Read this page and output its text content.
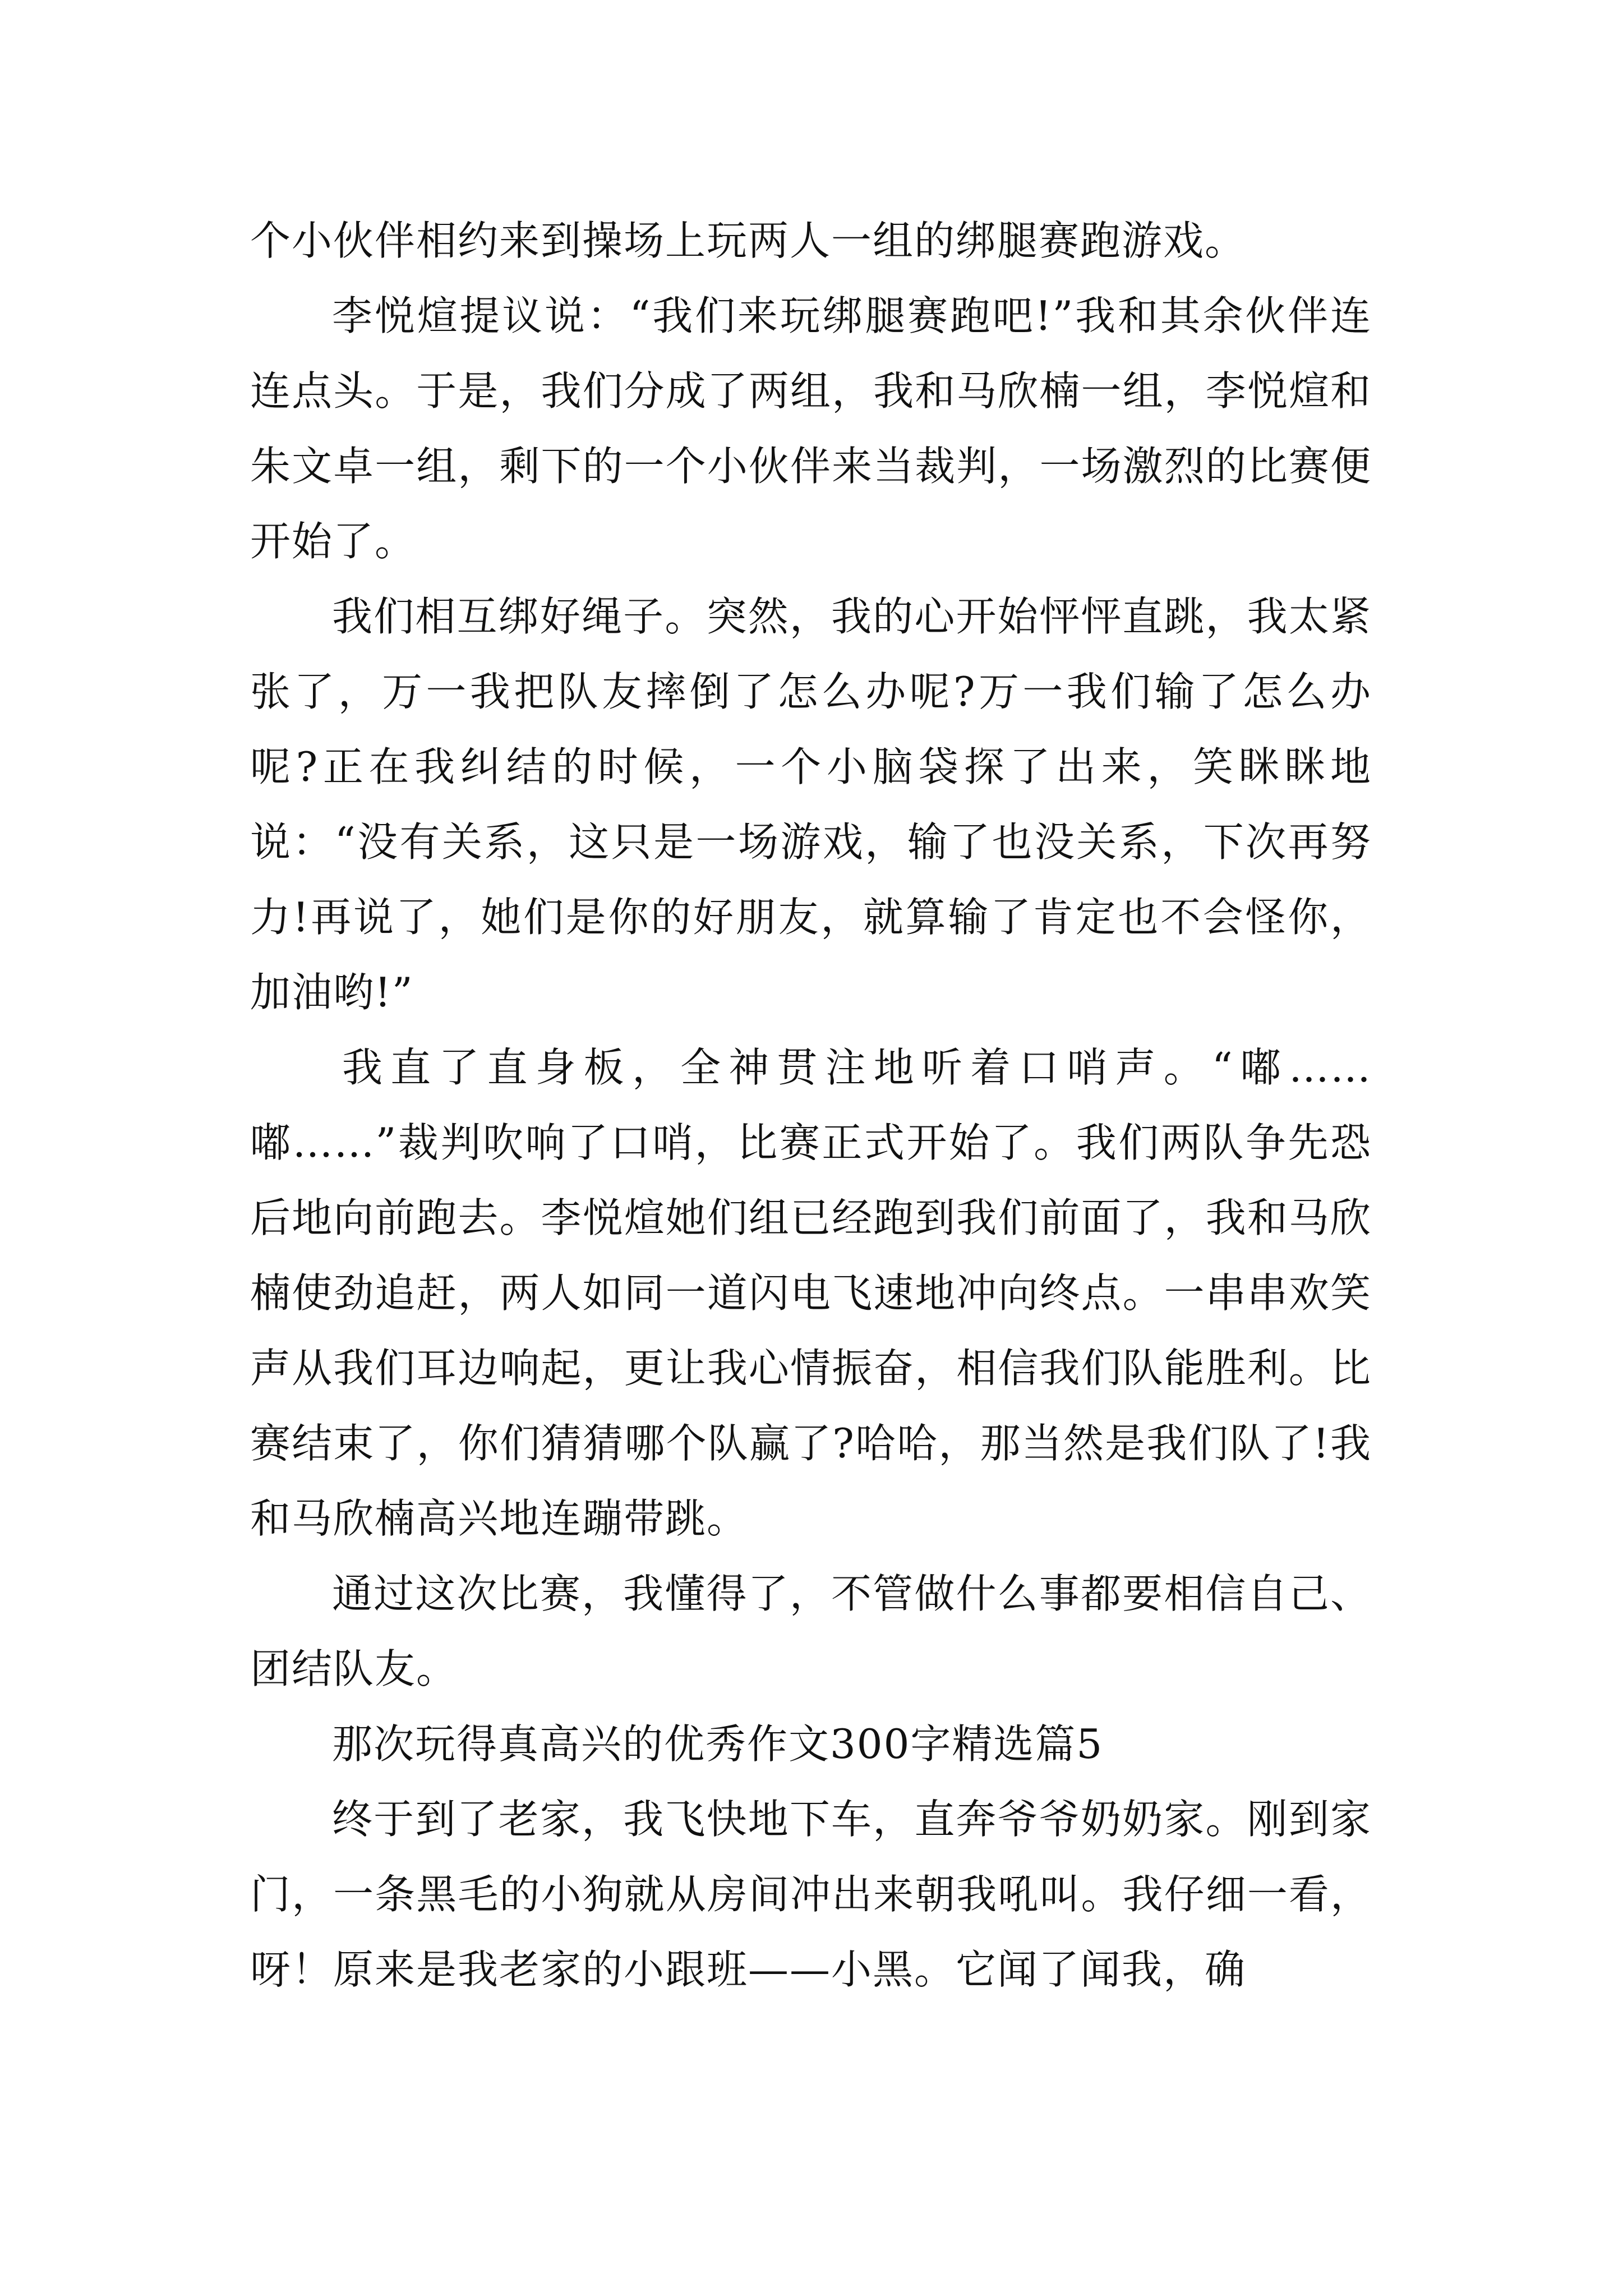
个小伙伴相约来到操场上玩两人一组的绑腿赛跑游戏。

李悦煊提议说：“我们来玩绑腿赛跑吧!”我和其余伙伴连连点头。于是，我们分成了两组，我和马欣楠一组，李悦煊和朱文卓一组，剩下的一个小伙伴来当裁判，一场激烈的比赛便开始了。

我们相互绑好绳子。突然，我的心开始怦怦直跳，我太紧张了，万一我把队友摔倒了怎么办呢?万一我们输了怎么办呢?正在我纠结的时候，一个小脑袋探了出来，笑眯眯地说：“没有关系，这只是一场游戏，输了也没关系，下次再努力!再说了，她们是你的好朋友，就算输了肯定也不会怪你，加油哟!”

我直了直身板，全神贯注地听着口哨声。“嘟……嘟……”裁判吹响了口哨，比赛正式开始了。我们两队争先恐后地向前跑去。李悦煊她们组已经跑到我们前面了，我和马欣楠使劲追赶，两人如同一道闪电飞速地冲向终点。一串串欢笑声从我们耳边响起，更让我心情振奋，相信我们队能胜利。比赛结束了，你们猜猜哪个队赢了?哈哈，那当然是我们队了!我和马欣楠高兴地连蹦带跳。

通过这次比赛，我懂得了，不管做什么事都要相信自己、团结队友。

那次玩得真高兴的优秀作文300字精选篇5

终于到了老家，我飞快地下车，直奔爷爷奶奶家。刚到家门，一条黑毛的小狗就从房间冲出来朝我吼叫。我仔细一看，呀！原来是我老家的小跟班——小黑。它闻了闻我，确
